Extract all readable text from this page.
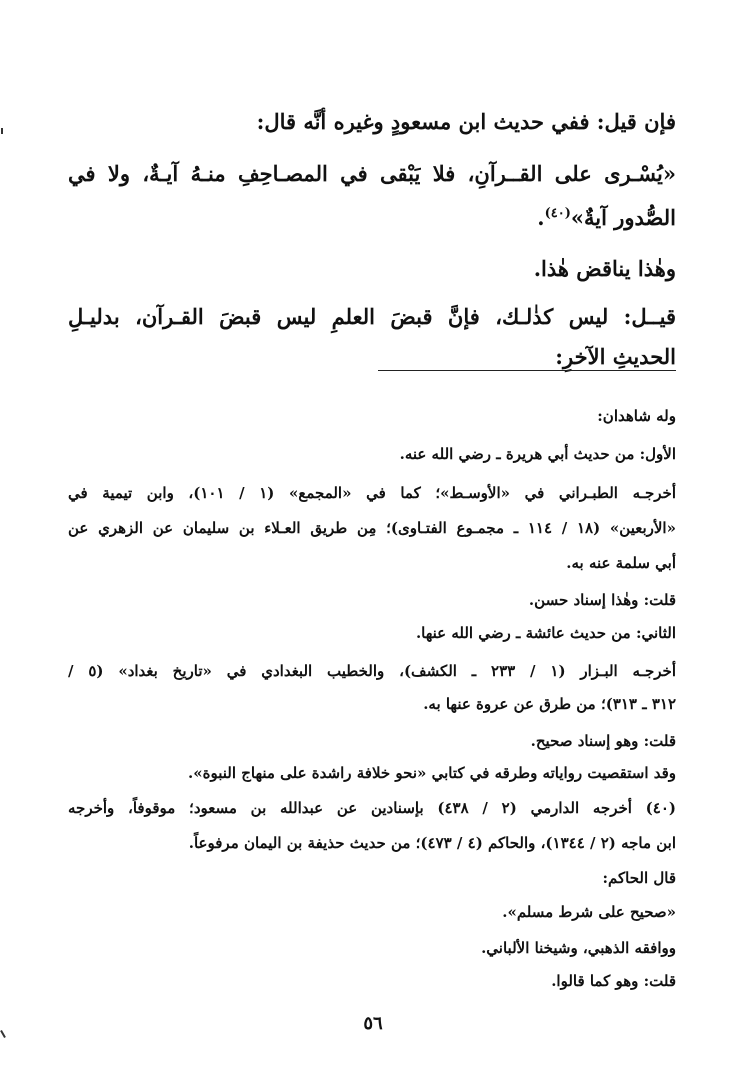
فإن قيل: ففي حديث ابن مسعودٍ وغيره أنَّه قال:
«يُسْـرى على القــرآنِ، فلا يَبْقى في المصـاحِفِ منـهُ آيـةٌ، ولا في
الصُّدور آيةٌ»$^{(٤٠)}$.
وهٰذا يناقض هٰذا.
قيــل: ليس كذٰلـك، فإنَّ قبضَ العلمِ ليس قبضَ القـرآن، بدليـلِ
الحديثِ الآخرِ:
وله شاهدان:
الأول: من حديث أبي هريرة ـ رضي الله عنه.
أخرجـه الطبـراني في «الأوسـط»؛ كما في «المجمع» (١ / ١٠١)، وابن تيمية في
«الأربعين» (١٨ / ١١٤ ـ مجمـوع الفتـاوى)؛ مِن طريق العـلاء بن سليمان عن الزهري عن
أبي سلمة عنه به.
قلت: وهٰذا إسناد حسن.
الثاني: من حديث عائشة ـ رضي الله عنها.
أخرجـه البـزار (١ / ٢٣٣ ـ الكشف)، والخطيب البغدادي في «تاريخ بغداد» (٥ /
٣١٢ ـ ٣١٣)؛ من طرق عن عروة عنها به.
قلت: وهو إسناد صحيح.
وقد استقصيت رواياته وطرقه في كتابي «نحو خلافة راشدة على منهاج النبوة».
(٤٠) أخرجه الدارمي (٢ / ٤٣٨) بإسنادين عن عبدالله بن مسعود؛ موقوفاً، وأخرجه
ابن ماجه (٢ / ١٣٤٤)، والحاكم (٤ / ٤٧٣)؛ من حديث حذيفة بن اليمان مرفوعاً.
قال الحاكم:
«صحيح على شرط مسلم».
ووافقه الذهبي، وشيخنا الألباني.
قلت: وهو كما قالوا.
٥٦
